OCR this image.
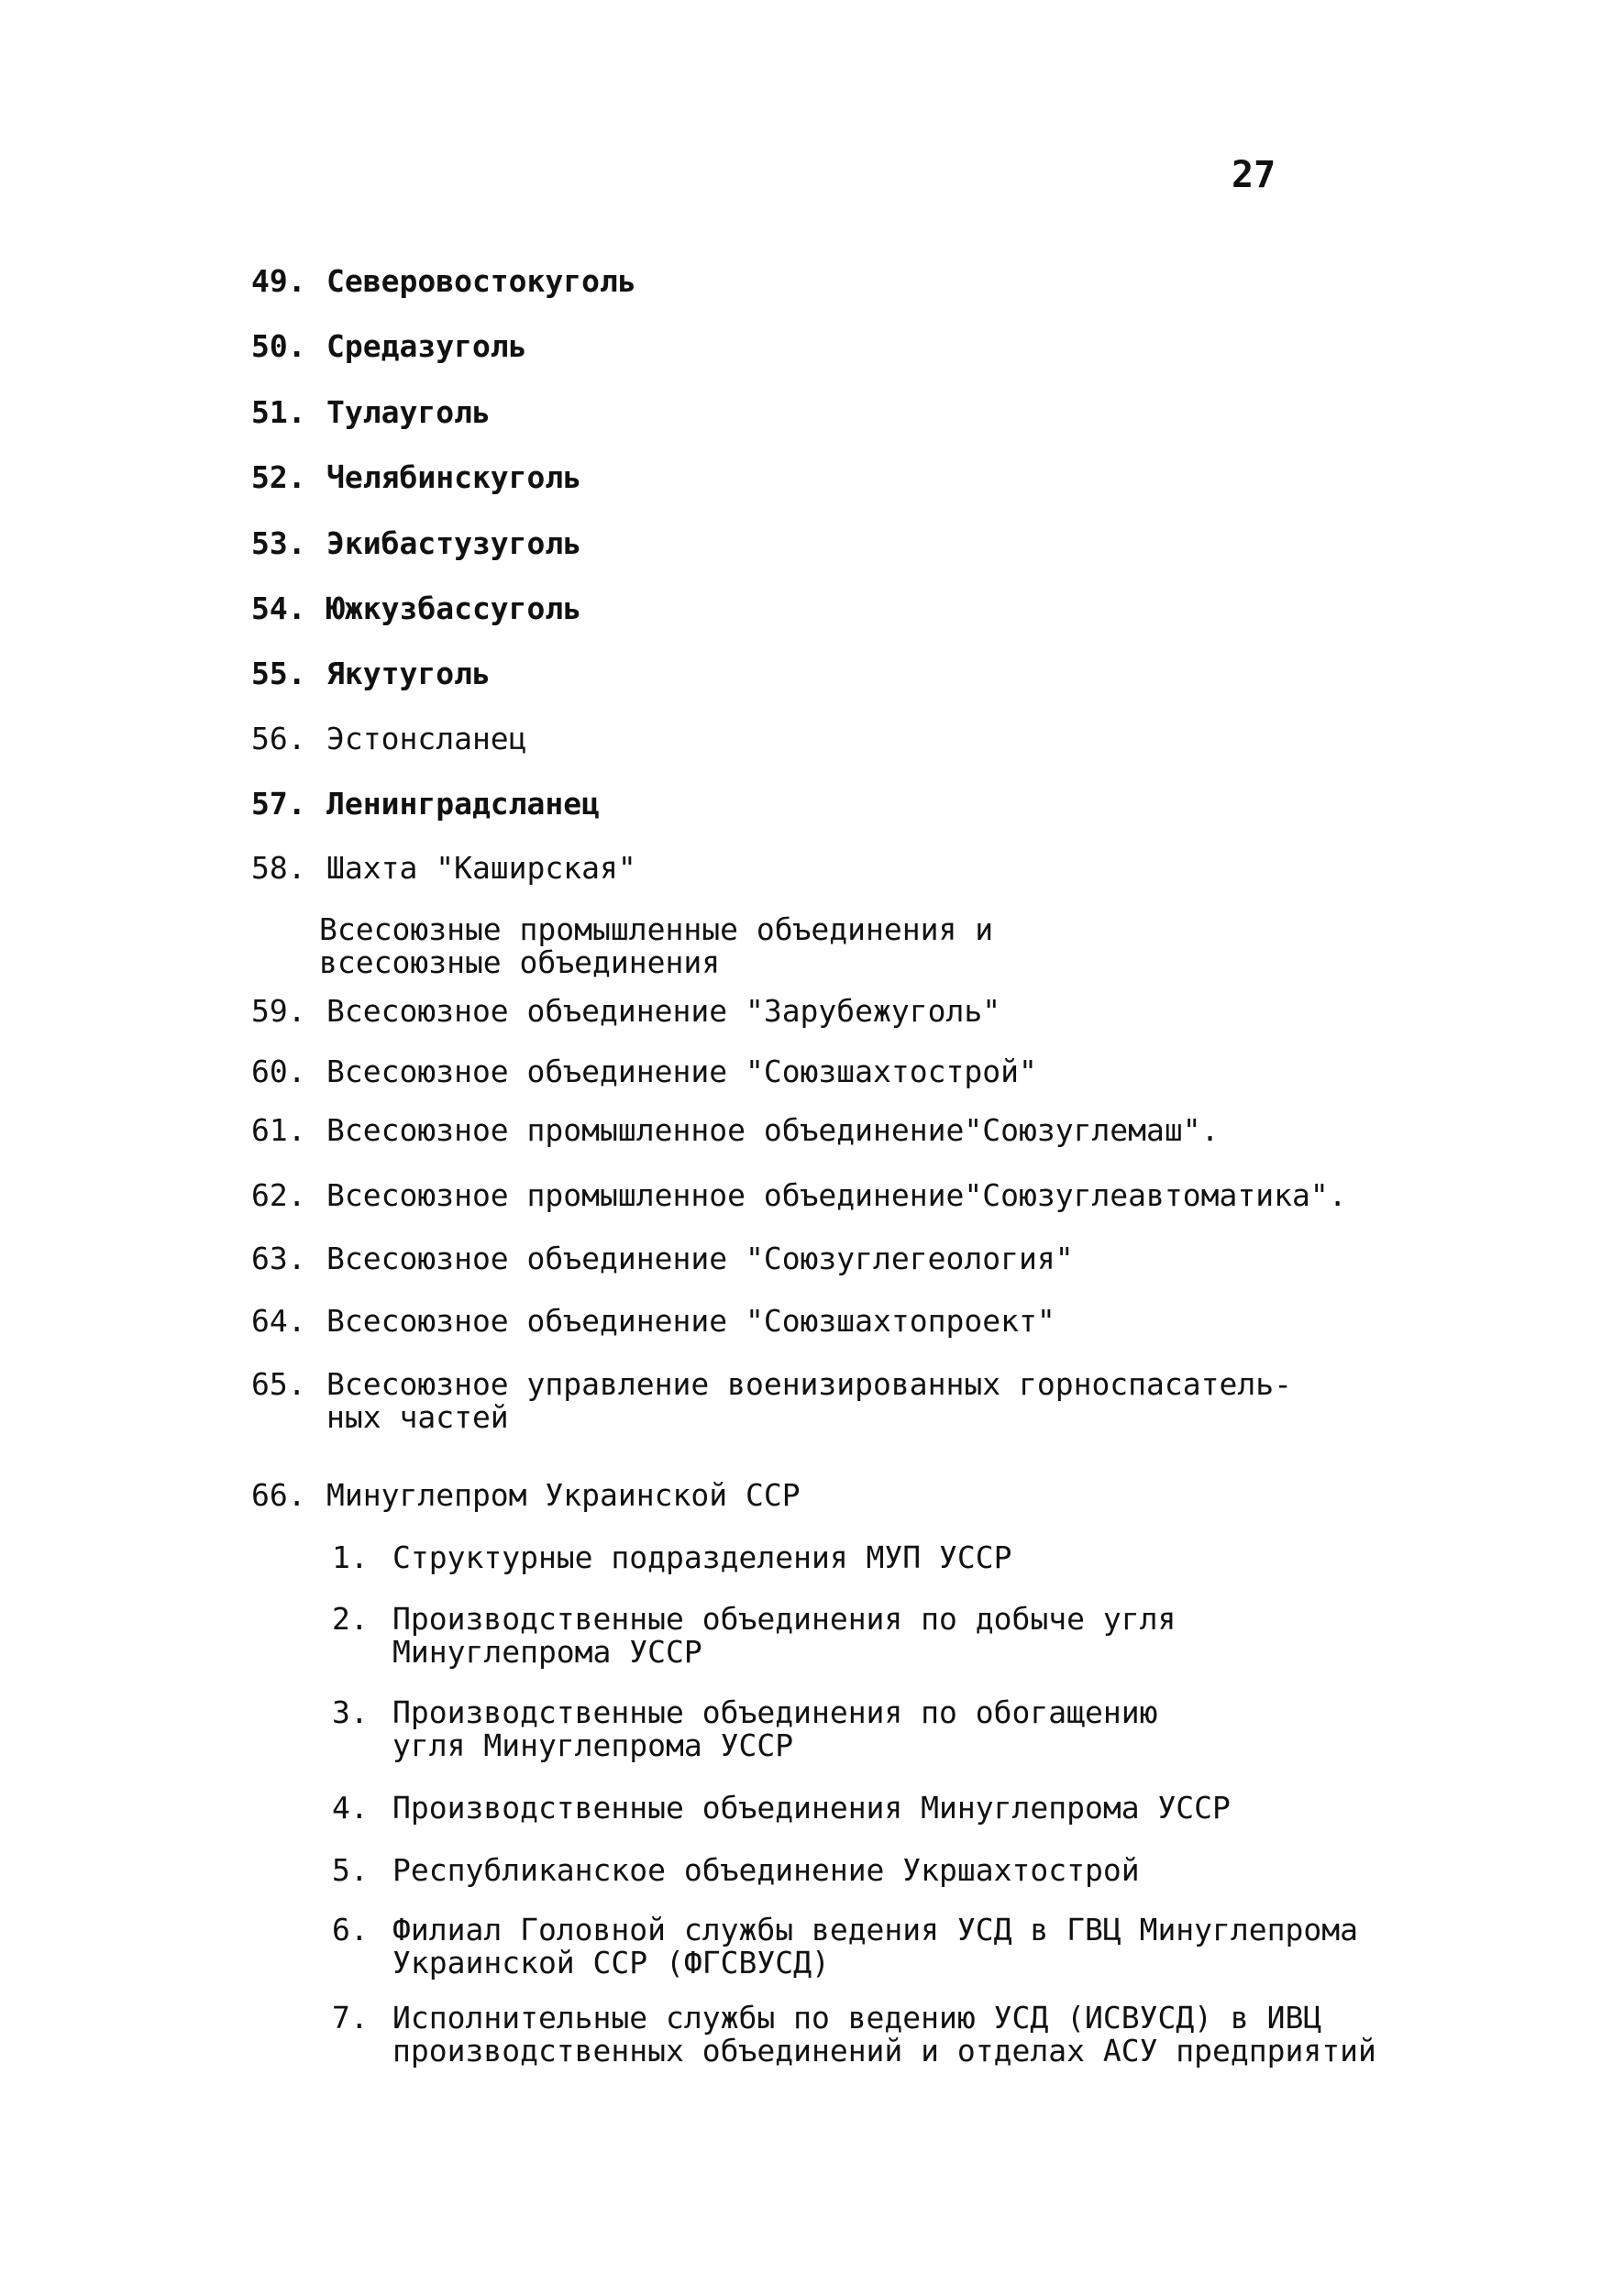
27
49. Северовостокуголь
50. Средазуголь
51. Тулауголь
52. Челябинскуголь
53. Экибастузуголь
54. Южкузбассуголь
55. Якутуголь
56. Эстонсланец
57. Ленинградсланец
58. Шахта "Каширская"
Всесоюзные промышленные объединения и
всесоюзные объединения
59. Всесоюзное объединение "Зарубежуголь"
60. Всесоюзное объединение "Союзшахтострой"
61. Всесоюзное промышленное объединение"Союзуглемаш".
62. Всесоюзное промышленное объединение"Союзуглеавтоматика".
63. Всесоюзное объединение "Союзуглегеология"
64. Всесоюзное объединение "Союзшахтопроект"
65. Всесоюзное управление военизированных горноспасатель-
ных частей
66. Минуглепром Украинской ССР
1. Структурные подразделения МУП УССР
2. Производственные объединения по добыче угля
Минуглепрома УССР
3. Производственные объединения по обогащению
угля Минуглепрома УССР
4. Производственные объединения Минуглепрома УССР
5. Республиканское объединение Укршахтострой
6. Филиал Головной службы ведения УСД в ГВЦ Минуглепрома
Украинской ССР (ФГСВУСД)
7. Исполнительные службы по ведению УСД (ИСВУСД) в ИВЦ
производственных объединений и отделах АСУ предприятий
